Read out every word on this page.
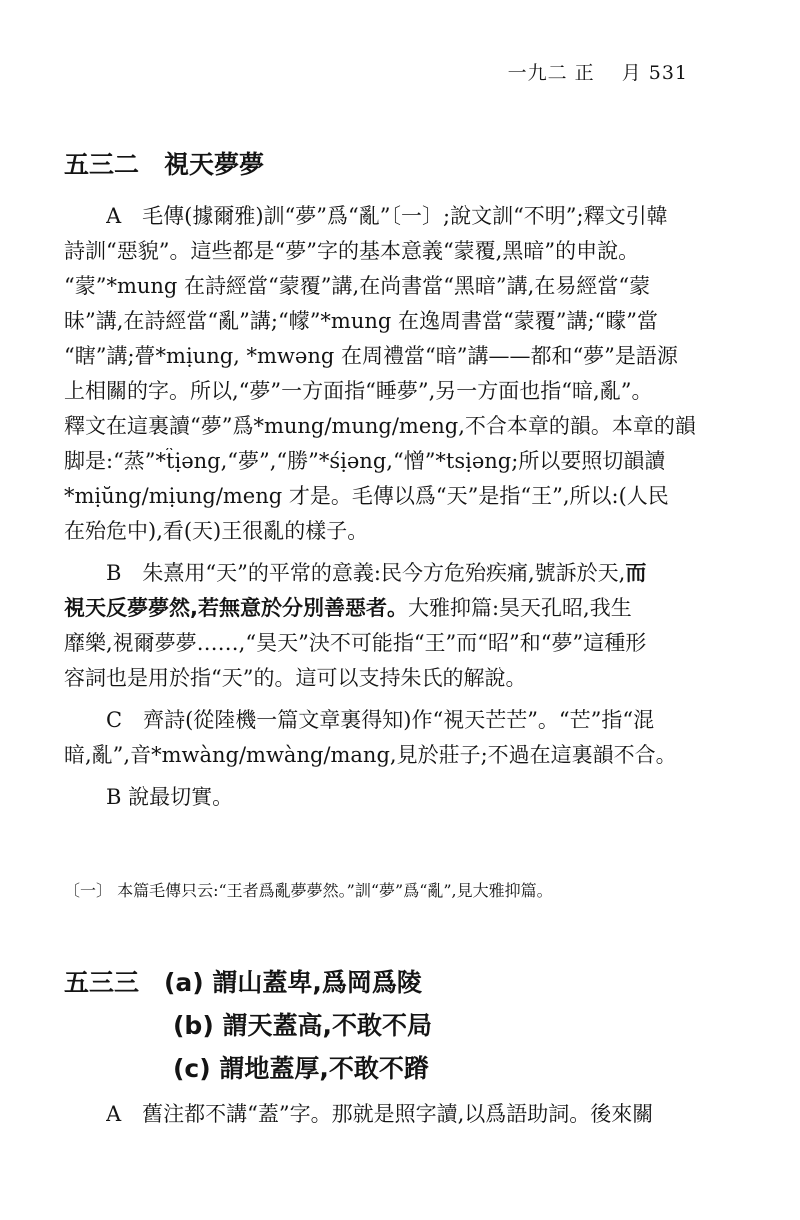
一九二 正　 月 531
五三二　視天夢夢
A　毛傳(據爾雅)訓“夢”爲“亂”〔一〕;說文訓“不明”;釋文引韓
詩訓“惡貌”。這些都是“夢”字的基本意義“蒙覆,黑暗”的申說。
“蒙”*mung 在詩經當“蒙覆”講,在尚書當“黑暗”講,在易經當“蒙
昧”講,在詩經當“亂”講;“幪”*mung 在逸周書當“蒙覆”講;“矇”當
“瞎”講;瞢*mịung, *mwəng 在周禮當“暗”講——都和“夢”是語源
上相關的字。所以,“夢”一方面指“睡夢”,另一方面也指“暗,亂”。
釋文在這裏讀“夢”爲*mung/mung/meng,不合本章的韻。本章的韻
脚是:“蒸”*t̂ịəng,“夢”,“勝”*śịəng,“憎”*tsịəng;所以要照切韻讀
*mịŭng/mịung/meng 才是。毛傳以爲“天”是指“王”,所以:(人民
在殆危中),看(天)王很亂的樣子。
B　朱熹用“天”的平常的意義:民今方危殆疾痛,號訴於天,而
視天反夢夢然,若無意於分別善惡者。大雅抑篇:昊天孔昭,我生
靡樂,視爾夢夢……,“昊天”決不可能指“王”而“昭”和“夢”這種形
容詞也是用於指“天”的。這可以支持朱氏的解說。
C　齊詩(從陸機一篇文章裏得知)作“視天芒芒”。“芒”指“混
暗,亂”,音*mwàng/mwàng/mang,見於莊子;不過在這裏韻不合。
B 說最切實。
〔一〕 本篇毛傳只云:“王者爲亂夢夢然。”訓“夢”爲“亂”,見大雅抑篇。
五三三　(a) 謂山蓋卑,爲岡爲陵
(b) 謂天蓋高,不敢不局
(c) 謂地蓋厚,不敢不蹐
A　舊注都不講“蓋”字。那就是照字讀,以爲語助詞。後來關
